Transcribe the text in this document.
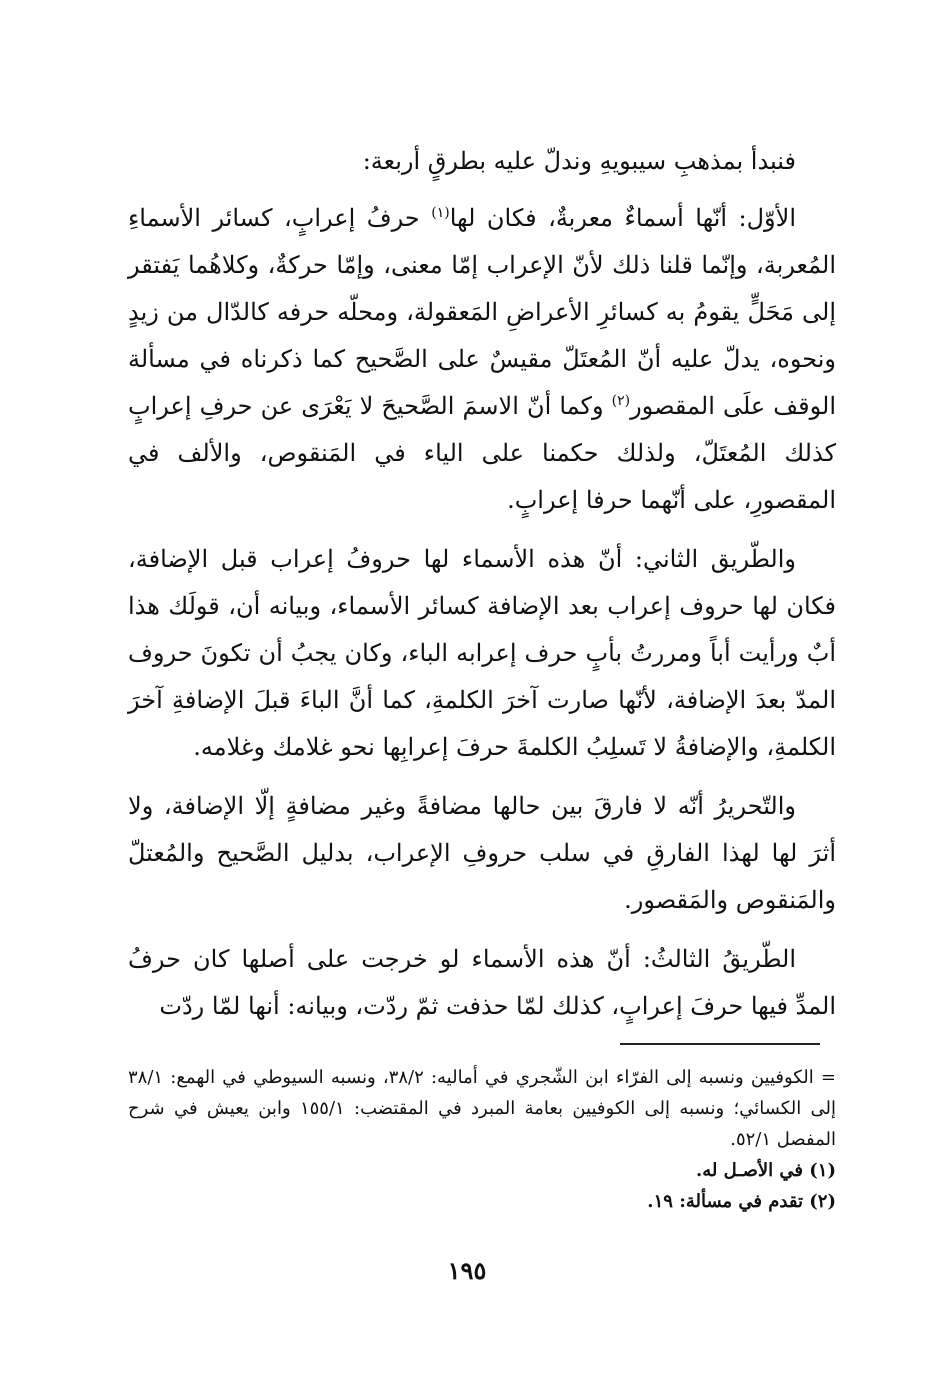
فنبدأ بمذهبِ سيبويهِ وندلّ عليه بطرقٍ أربعة:

الأوّل: أنّها أسماءٌ معربةٌ، فكان لها$^{(١)}$ حرفُ إعرابٍ، كسائر الأسماءِ المُعربة، وإنّما قلنا ذلك لأنّ الإعراب إمّا معنى، وإمّا حركةٌ، وكلاهُما يَفتقر إلى مَحَلٍّ يقومُ به كسائرِ الأعراضِ المَعقولة، ومحلّه حرفه كالدّال من زيدٍ ونحوه، يدلّ عليه أنّ المُعتَلّ مقيسٌ على الصَّحيح كما ذكرناه في مسألة الوقف علَى المقصور$^{(٢)}$ وكما أنّ الاسمَ الصَّحيحَ لا يَعْرَى عن حرفِ إعرابٍ كذلك المُعتَلّ، ولذلك حكمنا على الياء في المَنقوص، والألف في المقصورِ، على أنّهما حرفا إعرابٍ.

والطّريق الثاني: أنّ هذه الأسماء لها حروفُ إعراب قبل الإضافة، فكان لها حروف إعراب بعد الإضافة كسائر الأسماء، وبيانه أن، قولَك هذا أبٌ ورأيت أباً ومررتُ بأبٍ حرف إعرابه الباء، وكان يجبُ أن تكونَ حروف المدّ بعدَ الإضافة، لأنّها صارت آخرَ الكلمةِ، كما أنَّ الباءَ قبلَ الإضافةِ آخرَ الكلمةِ، والإضافةُ لا تَسلِبُ الكلمةَ حرفَ إعرابِها نحو غلامك وغلامه.

والتّحريرُ أنّه لا فارقَ بين حالها مضافةً وغير مضافةٍ إلّا الإضافة، ولا أثرَ لها لهذا الفارقِ في سلب حروفِ الإعراب، بدليل الصَّحيح والمُعتلّ والمَنقوص والمَقصور.

الطّريقُ الثالثُ: أنّ هذه الأسماء لو خرجت على أصلها كان حرفُ المدِّ فيها حرفَ إعرابٍ، كذلك لمّا حذفت ثمّ ردّت، وبيانه: أنها لمّا ردّت

= الكوفيين ونسبه إلى الفرّاء ابن الشّجري في أماليه: ٣٨/٢، ونسبه السيوطي في الهمع: ٣٨/١ إلى الكسائي؛ ونسبه إلى الكوفيين بعامة المبرد في المقتضب: ١٥٥/١ وابن يعيش في شرح المفصل ٥٢/١.

(١) في الأصـل له.

(٢) تقدم في مسألة: ١٩.

١٩٥
